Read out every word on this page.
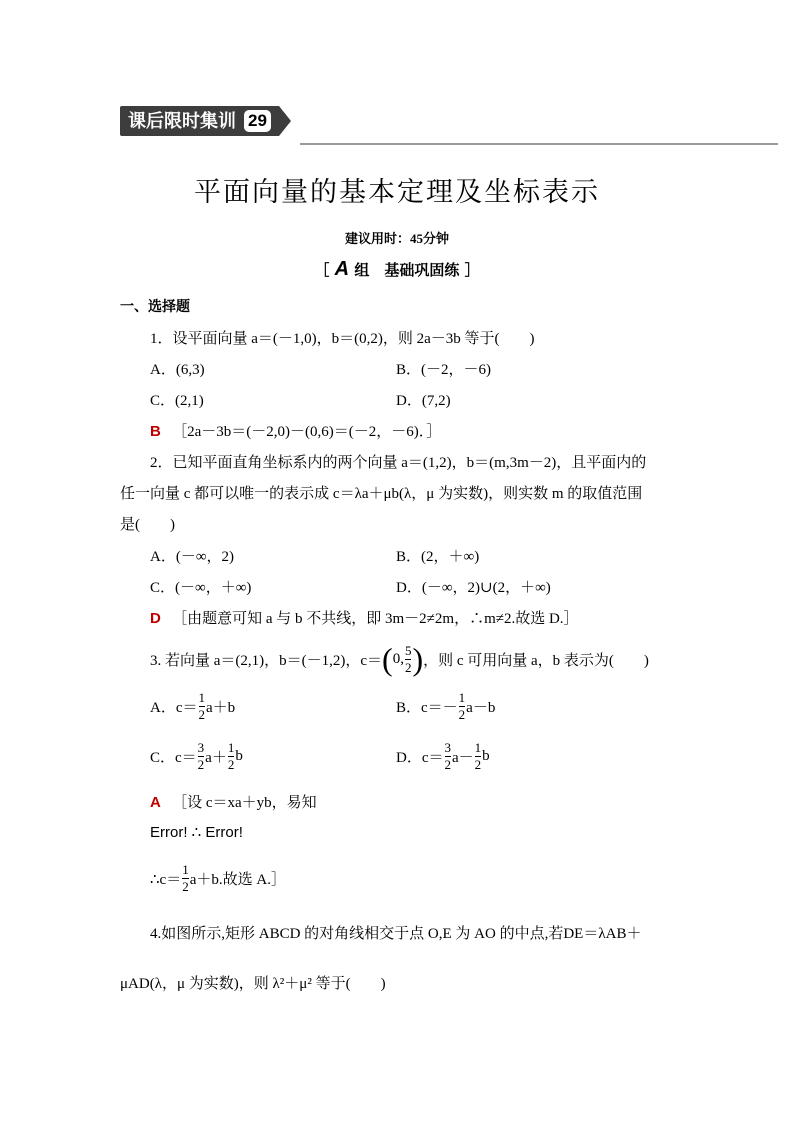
课后限时集训 29
平面向量的基本定理及坐标表示
建议用时：45分钟
［ A 组　基础巩固练 ］
一、选择题
1．设平面向量 a＝(－1,0)，b＝(0,2)，则 2a－3b 等于(　　)
A．(6,3)	B．(－2，－6)
C．(2,1)	D．(7,2)
B ［2a－3b＝(－2,0)－(0,6)＝(－2，－6)．］
2．已知平面直角坐标系内的两个向量 a＝(1,2)，b＝(m,3m－2)，且平面内的
任一向量 c 都可以唯一的表示成 c＝λa＋μb(λ，μ 为实数)，则实数 m 的取值范围
是(　　)
A．(－∞，2)	B．(2，＋∞)
C．(－∞，＋∞)	D．(－∞，2)∪(2，＋∞)
D ［由题意可知 a 与 b 不共线，即 3m－2≠2m，∴m≠2.故选 D.］
3. 若向量 a＝(2,1)，b＝(－1,2)，c＝ ( 0, $\frac{5}{2}$ ) ，则 c 可用向量 a，b 表示为(　　)
A．$c= \frac{1}{2} a+b$	B．$c=- \frac{1}{2} a-b$
C．$c= \frac{3}{2} a+ \frac{1}{2}$ b	D．$c= \frac{3}{2} a- \frac{1}{2}$ b
A ［设 c＝xa＋yb，易知
Error! ∴ Error!
∴c＝ $\frac{1}{2} a+b$.故选 A.］
4.如图所示,矩形 ABCD 的对角线相交于点 O,E 为 AO 的中点,若DE＝λAB＋
μAD(λ，μ 为实数)，则 λ²＋μ² 等于(　　)
